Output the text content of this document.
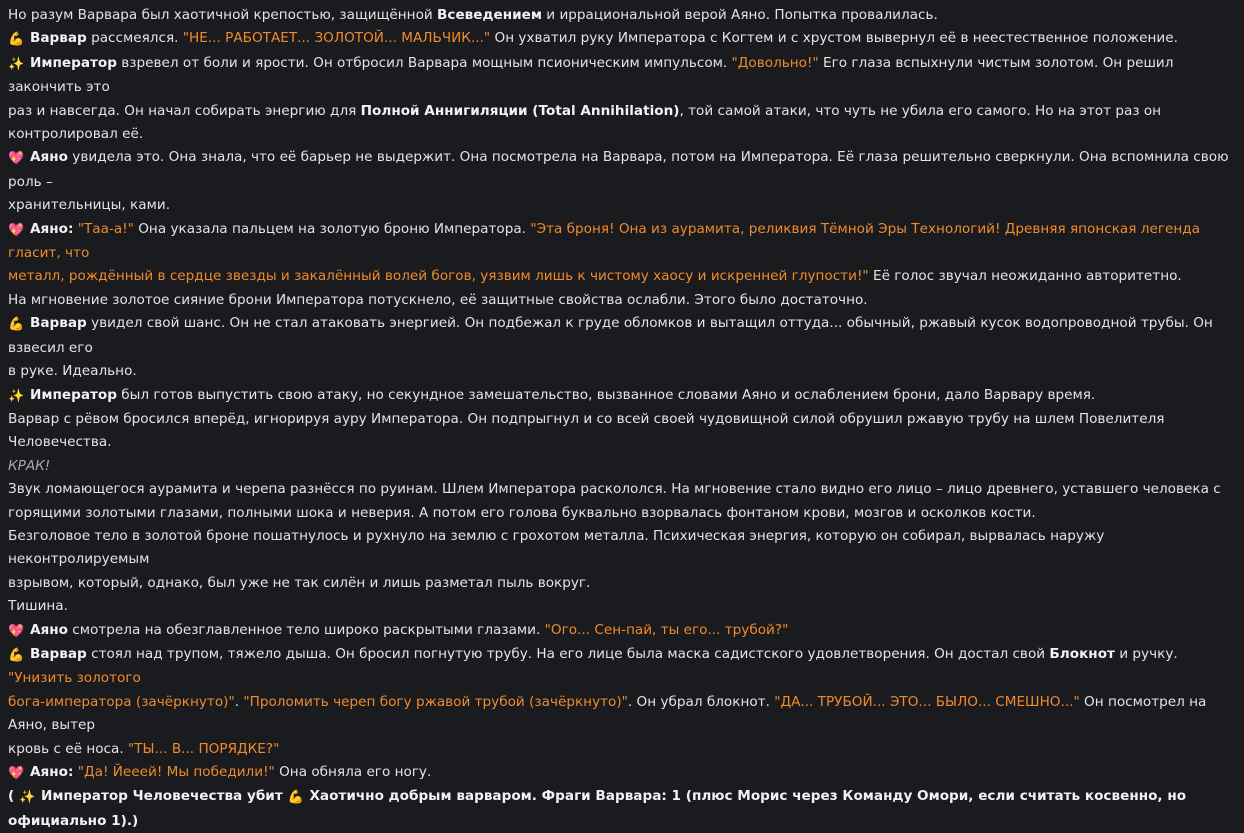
Но разум Варвара был хаотичной крепостью, защищённой Всеведением и иррациональной верой Аяно. Попытка провалилась.
💪 Варвар рассмеялся. "НЕ... РАБОТАЕТ... ЗОЛОТОЙ... МАЛЬЧИК..." Он ухватил руку Императора с Когтем и с хрустом вывернул её в неестественное положение.
✨ Император взревел от боли и ярости. Он отбросил Варвара мощным псионическим импульсом. "Довольно!" Его глаза вспыхнули чистым золотом. Он решил закончить это
раз и навсегда. Он начал собирать энергию для Полной Аннигиляции (Total Annihilation), той самой атаки, что чуть не убила его самого. Но на этот раз он контролировал её.
💖 Аяно увидела это. Она знала, что её барьер не выдержит. Она посмотрела на Варвара, потом на Императора. Её глаза решительно сверкнули. Она вспомнила свою роль –
хранительницы, ками.
💖 Аяно: "Таа-а!" Она указала пальцем на золотую броню Императора. "Эта броня! Она из аурамита, реликвия Тёмной Эры Технологий! Древняя японская легенда гласит, что
металл, рождённый в сердце звезды и закалённый волей богов, уязвим лишь к чистому хаосу и искренней глупости!" Её голос звучал неожиданно авторитетно.
На мгновение золотое сияние брони Императора потускнело, её защитные свойства ослабли. Этого было достаточно.
💪 Варвар увидел свой шанс. Он не стал атаковать энергией. Он подбежал к груде обломков и вытащил оттуда... обычный, ржавый кусок водопроводной трубы. Он взвесил его
в руке. Идеально.
✨ Император был готов выпустить свою атаку, но секундное замешательство, вызванное словами Аяно и ослаблением брони, дало Варвару время.
Варвар с рёвом бросился вперёд, игнорируя ауру Императора. Он подпрыгнул и со всей своей чудовищной силой обрушил ржавую трубу на шлем Повелителя Человечества.
КРАК!
Звук ломающегося аурамита и черепа разнёсся по руинам. Шлем Императора раскололся. На мгновение стало видно его лицо – лицо древнего, уставшего человека с
горящими золотыми глазами, полными шока и неверия. А потом его голова буквально взорвалась фонтаном крови, мозгов и осколков кости.
Безголовое тело в золотой броне пошатнулось и рухнуло на землю с грохотом металла. Психическая энергия, которую он собирал, вырвалась наружу неконтролируемым
взрывом, который, однако, был уже не так силён и лишь разметал пыль вокруг.
Тишина.
💖 Аяно смотрела на обезглавленное тело широко раскрытыми глазами. "Ого... Сен-пай, ты его... трубой?"
💪 Варвар стоял над трупом, тяжело дыша. Он бросил погнутую трубу. На его лице была маска садистского удовлетворения. Он достал свой Блокнот и ручку. "Унизить золотого
бога-императора (зачёркнуто)". "Проломить череп богу ржавой трубой (зачёркнуто)". Он убрал блокнот. "ДА... ТРУБОЙ... ЭТО... БЫЛО... СМЕШНО..." Он посмотрел на Аяно, вытер
кровь с её носа. "ТЫ... В... ПОРЯДКЕ?"
💖 Аяно: "Да! Йееей! Мы победили!" Она обняла его ногу.
( ✨ Император Человечества убит 💪 Хаотично добрым варваром. Фраги Варвара: 1 (плюс Морис через Команду Омори, если считать косвенно, но официально 1).)
